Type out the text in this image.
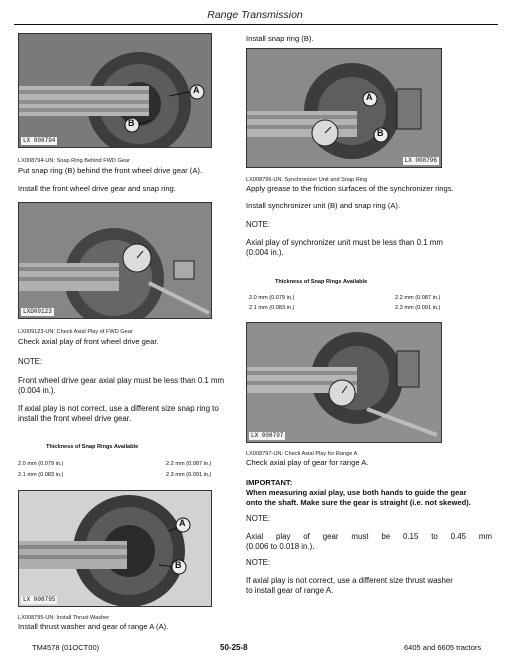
Range Transmission
A
B
LX 008794
LX008794-UN: Snap Ring Behind FWD Gear
Put snap ring (B) behind the front wheel drive gear (A).
Install the front wheel drive gear and snap ring.
LXD09123
LX009123-UN: Check Axial Play of FWD Gear
Check axial play of front wheel drive gear.
NOTE:
Front wheel drive gear axial play must be less than 0.1 mm
(0.004 in.).
If axial play is not correct, use a different size snap ring to
install the front wheel drive gear.
Thickness of Snap Rings Available
2.0 mm (0.079 in.)	2.2 mm (0.087 in.)
2.1 mm (0.083 in.)	2.3 mm (0.091 in.)
A
B
LX 008795
LX008795-UN: Install Thrust Washer
Install thrust washer and gear of range A (A).
Install snap ring (B).
A
B
LX 008796
LX008796-UN: Synchronizer Unit and Snap Ring
Apply grease to the friction surfaces of the synchronizer rings.
Install synchronizer unit (B) and snap ring (A).
NOTE:
Axial play of synchronizer unit must be less than 0.1 mm
(0.004 in.).
Thickness of Snap Rings Available
2.0 mm (0.079 in.)	2.2 mm (0.087 in.)
2.1 mm (0.083 in.)	2.3 mm (0.091 in.)
LX 008797
LX008797-UN: Check Axial Play for Range A
Check axial play of gear for range A.
IMPORTANT:
When measuring axial play, use both hands to guide the gear
onto the shaft. Make sure the gear is straight (i.e. not skewed).
NOTE:
Axial play of gear must be 0.15 to 0.45 mm
(0.006 to 0.018 in.).
NOTE:
If axial play is not correct, use a different size thrust washer
to install gear of range A.
TM4578 (01OCT00)	50-25-8	6405 and 6605 tractors
